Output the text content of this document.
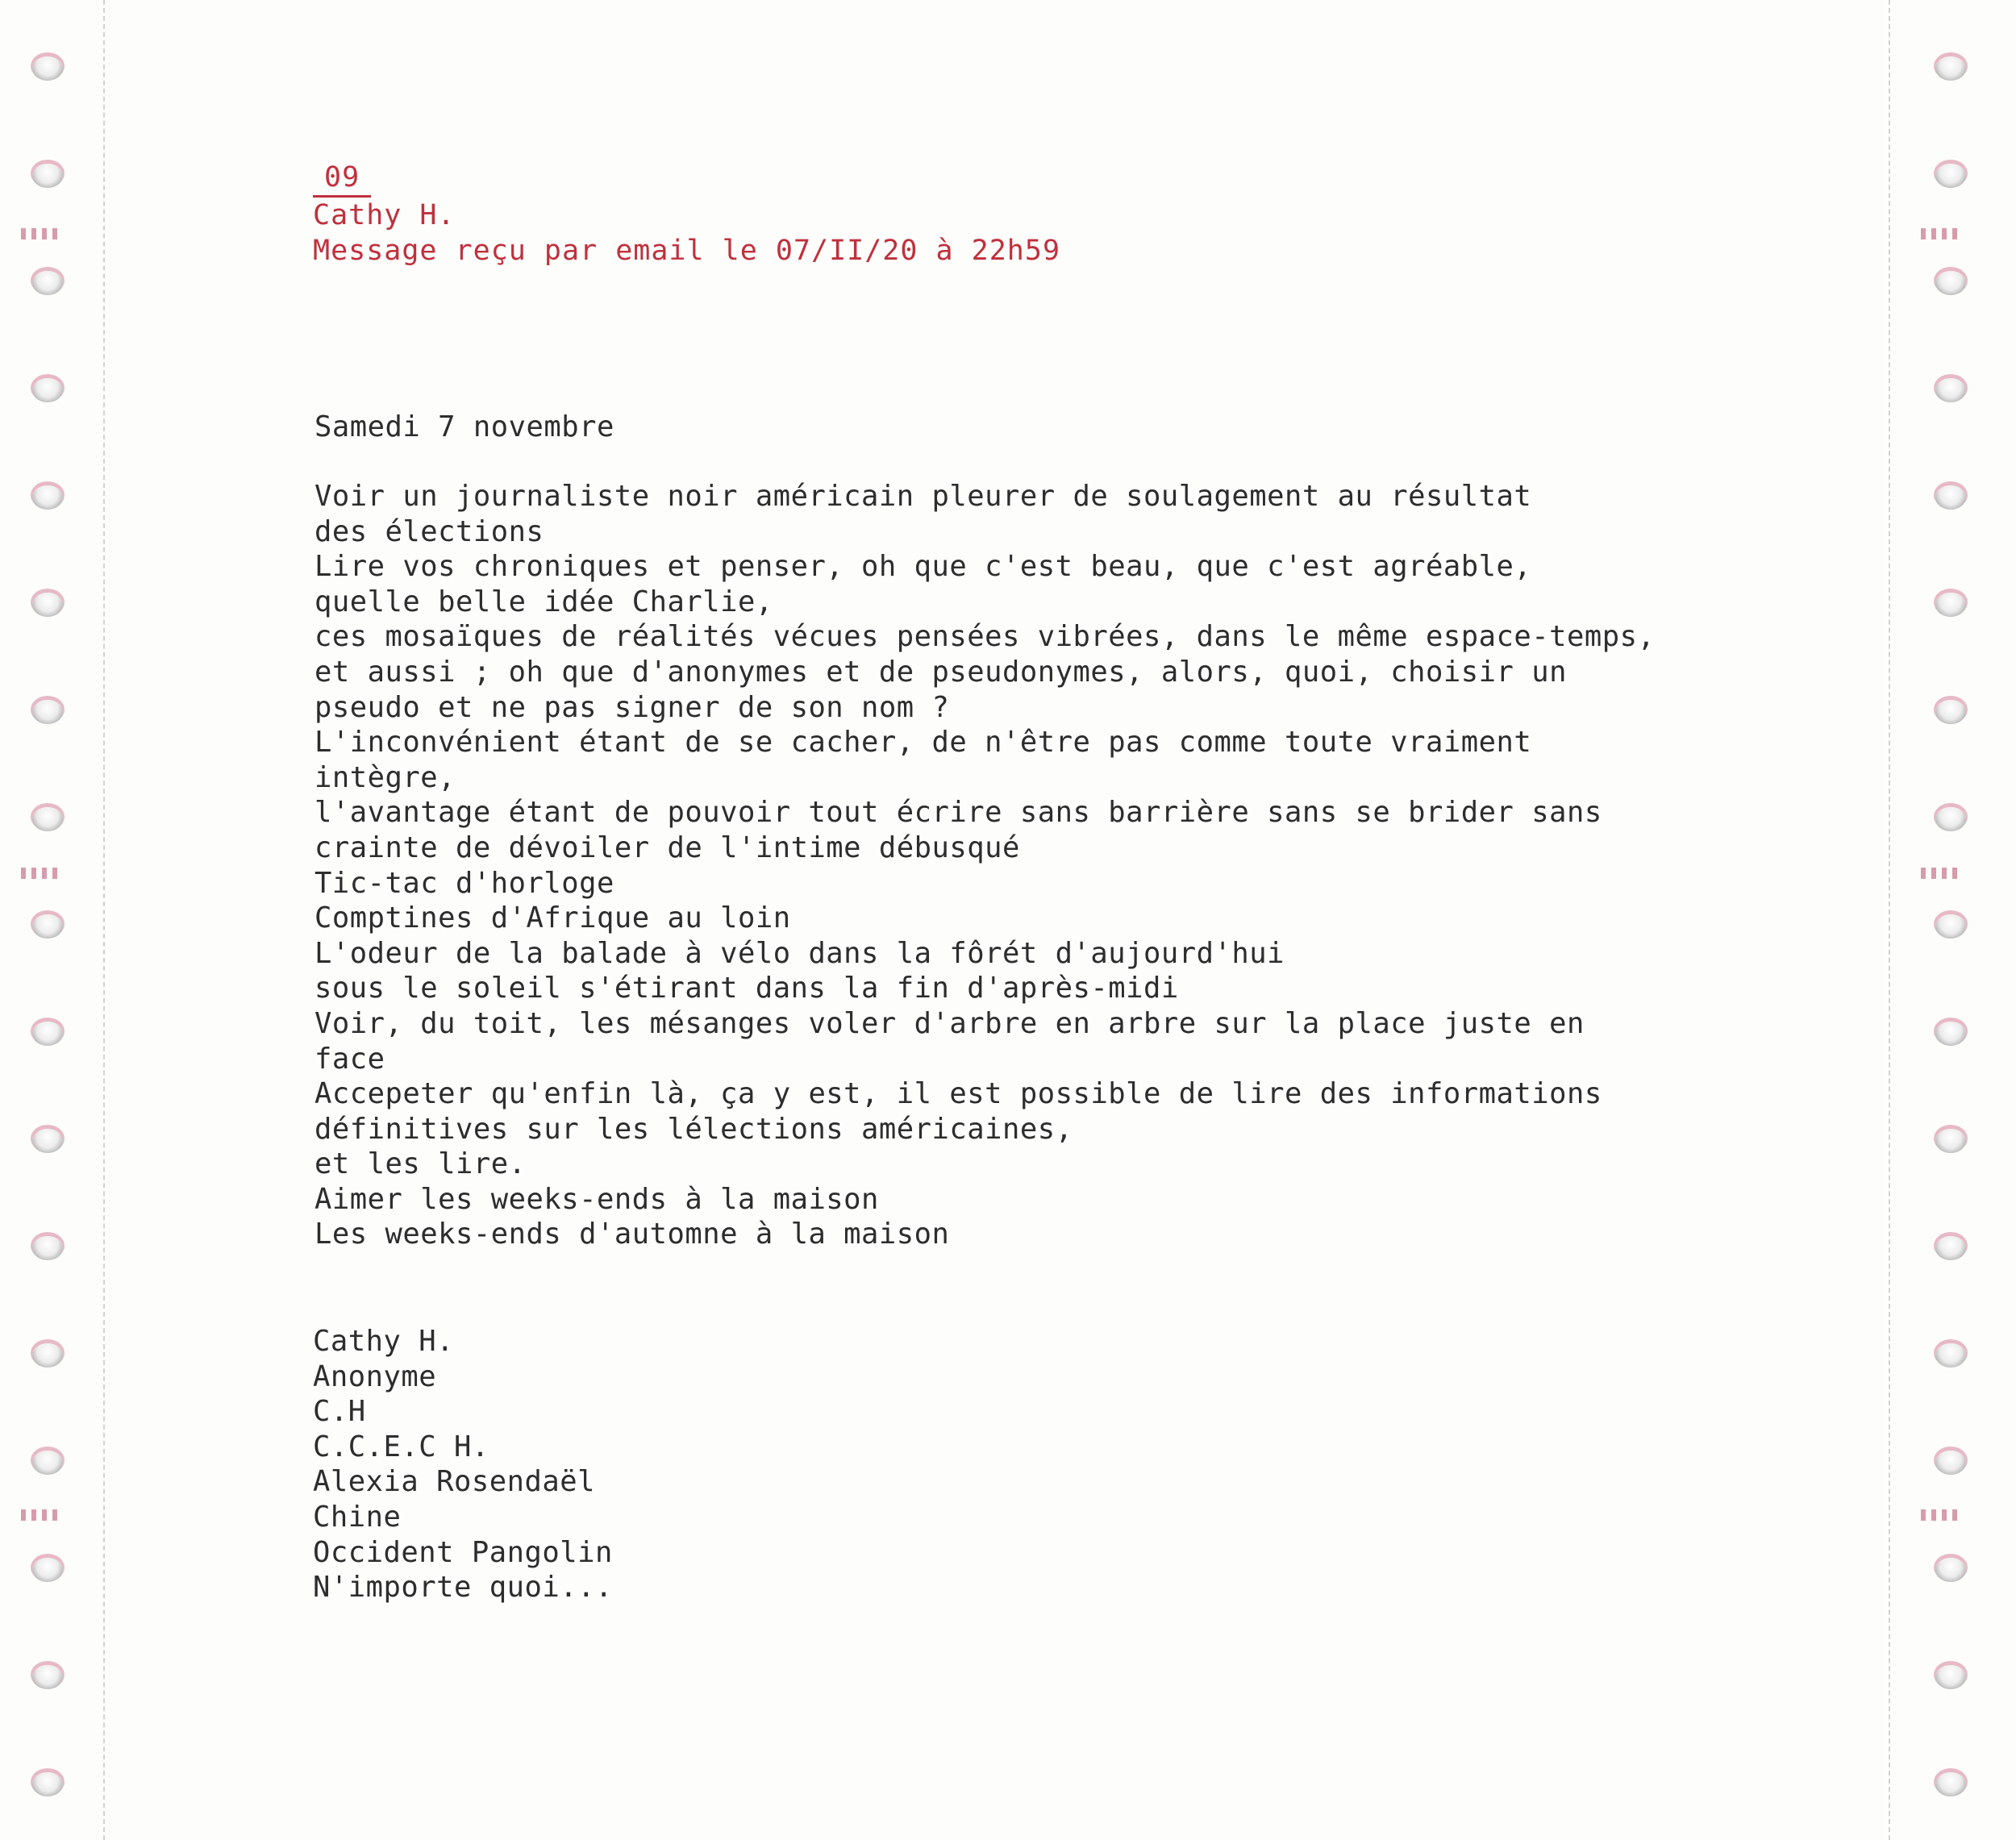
09
Cathy H.
Message reçu par email le 07/II/20 à 22h59
Samedi 7 novembre
Voir un journaliste noir américain pleurer de soulagement au résultat
des élections
Lire vos chroniques et penser, oh que c'est beau, que c'est agréable,
quelle belle idée Charlie,
ces mosaïques de réalités vécues pensées vibrées, dans le même espace-temps,
et aussi ; oh que d'anonymes et de pseudonymes, alors, quoi, choisir un
pseudo et ne pas signer de son nom ?
L'inconvénient étant de se cacher, de n'être pas comme toute vraiment
intègre,
l'avantage étant de pouvoir tout écrire sans barrière sans se brider sans
crainte de dévoiler de l'intime débusqué
Tic-tac d'horloge
Comptines d'Afrique au loin
L'odeur de la balade à vélo dans la fôrét d'aujourd'hui
sous le soleil s'étirant dans la fin d'après-midi
Voir, du toit, les mésanges voler d'arbre en arbre sur la place juste en
face
Accepeter qu'enfin là, ça y est, il est possible de lire des informations
définitives sur les lélections américaines,
et les lire.
Aimer les weeks-ends à la maison
Les weeks-ends d'automne à la maison
Cathy H.
Anonyme
C.H
C.C.E.C H.
Alexia Rosendaël
Chine
Occident Pangolin
N'importe quoi...
